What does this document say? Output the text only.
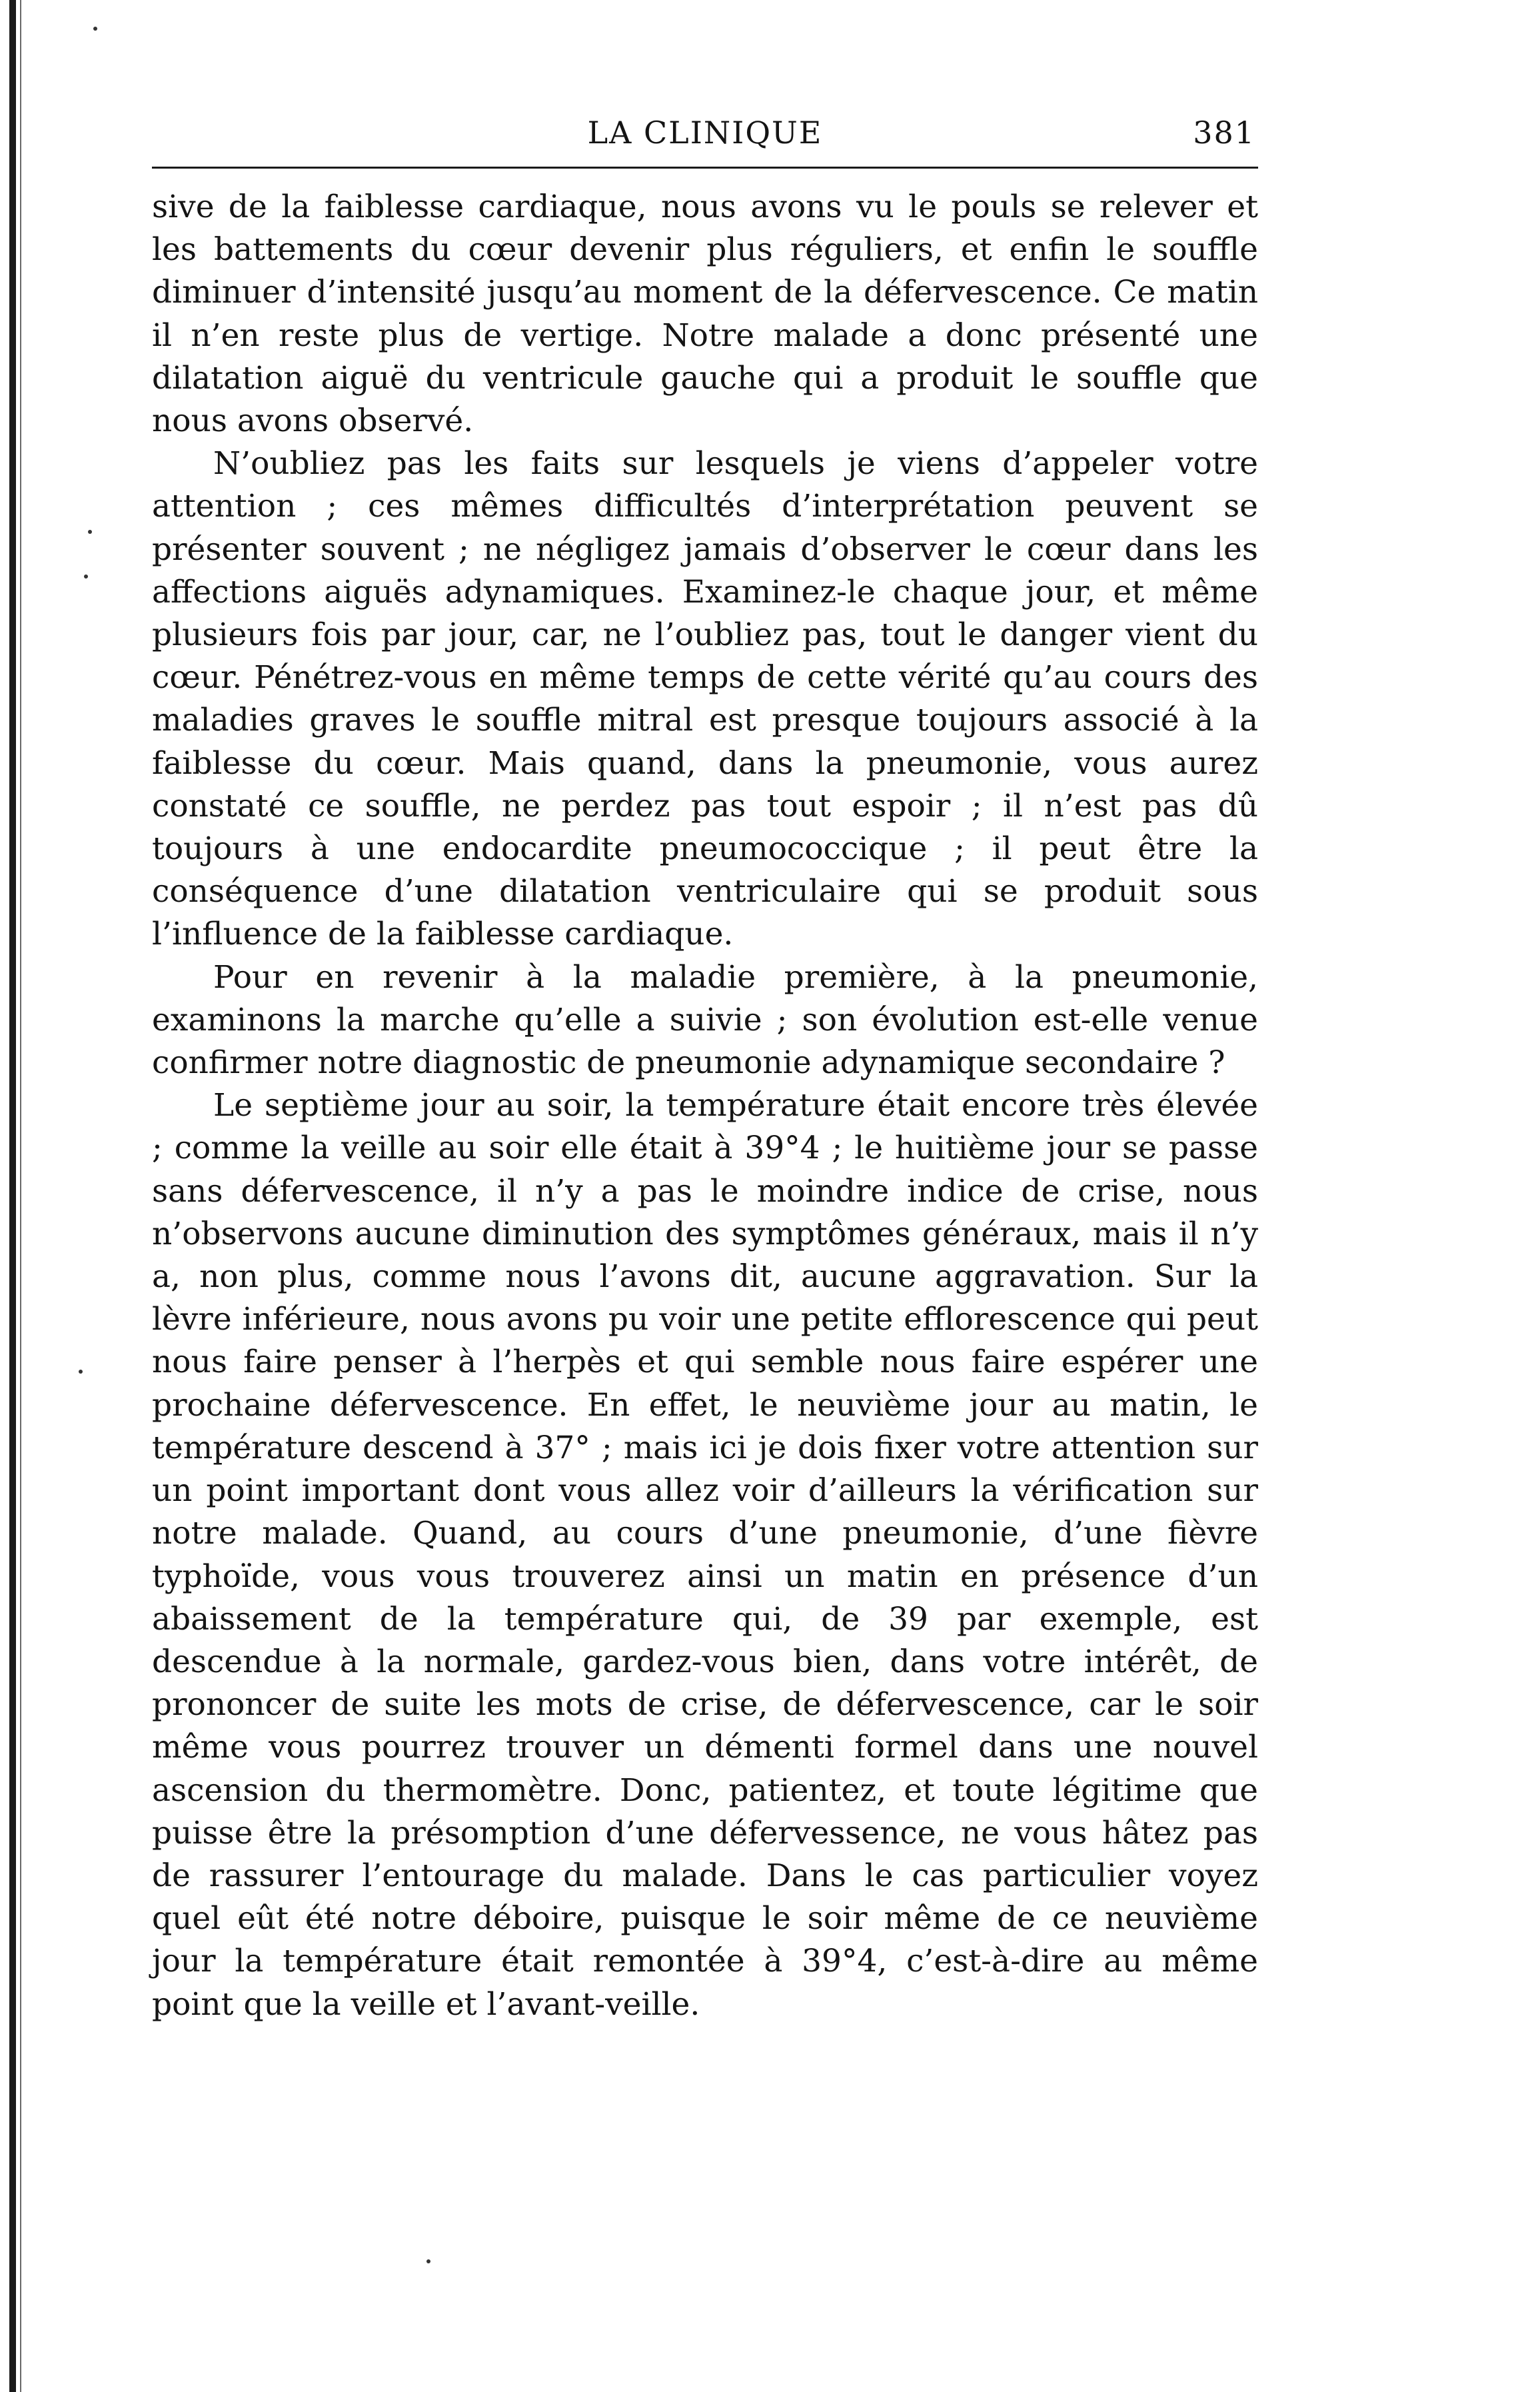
LA CLINIQUE	381

sive de la faiblesse cardiaque, nous avons vu le pouls se relever et les battements du cœur devenir plus réguliers, et enfin le souffle diminuer d’intensité jusqu’au moment de la défervescence. Ce matin il n’en reste plus de vertige. Notre malade a donc présenté une dilatation aiguë du ventricule gauche qui a produit le souffle que nous avons observé.

N’oubliez pas les faits sur lesquels je viens d’appeler votre attention ; ces mêmes difficultés d’interprétation peuvent se présenter souvent ; ne négligez jamais d’observer le cœur dans les affections aiguës adynamiques. Examinez-le chaque jour, et même plusieurs fois par jour, car, ne l’oubliez pas, tout le danger vient du cœur. Pénétrez-vous en même temps de cette vérité qu’au cours des maladies graves le souffle mitral est presque toujours associé à la faiblesse du cœur. Mais quand, dans la pneumonie, vous aurez constaté ce souffle, ne perdez pas tout espoir ; il n’est pas dû toujours à une endocardite pneumococcique ; il peut être la conséquence d’une dilatation ventriculaire qui se produit sous l’influence de la faiblesse cardiaque.

Pour en revenir à la maladie première, à la pneumonie, examinons la marche qu’elle a suivie ; son évolution est-elle venue confirmer notre diagnostic de pneumonie adynamique secondaire ?

Le septième jour au soir, la température était encore très élevée ; comme la veille au soir elle était à 39°4 ; le huitième jour se passe sans défervescence, il n’y a pas le moindre indice de crise, nous n’observons aucune diminution des symptômes généraux, mais il n’y a, non plus, comme nous l’avons dit, aucune aggravation. Sur la lèvre inférieure, nous avons pu voir une petite efflorescence qui peut nous faire penser à l’herpès et qui semble nous faire espérer une prochaine défervescence. En effet, le neuvième jour au matin, le température descend à 37° ; mais ici je dois fixer votre attention sur un point important dont vous allez voir d’ailleurs la vérification sur notre malade. Quand, au cours d’une pneumonie, d’une fièvre typhoïde, vous vous trouverez ainsi un matin en présence d’un abaissement de la température qui, de 39 par exemple, est descendue à la normale, gardez-vous bien, dans votre intérêt, de prononcer de suite les mots de crise, de défervescence, car le soir même vous pourrez trouver un démenti formel dans une nouvel ascension du thermomètre. Donc, patientez, et toute légitime que puisse être la présomption d’une défervessence, ne vous hâtez pas de rassurer l’entourage du malade. Dans le cas particulier voyez quel eût été notre déboire, puisque le soir même de ce neuvième jour la température était remontée à 39°4, c’est-à-dire au même point que la veille et l’avant-veille.
